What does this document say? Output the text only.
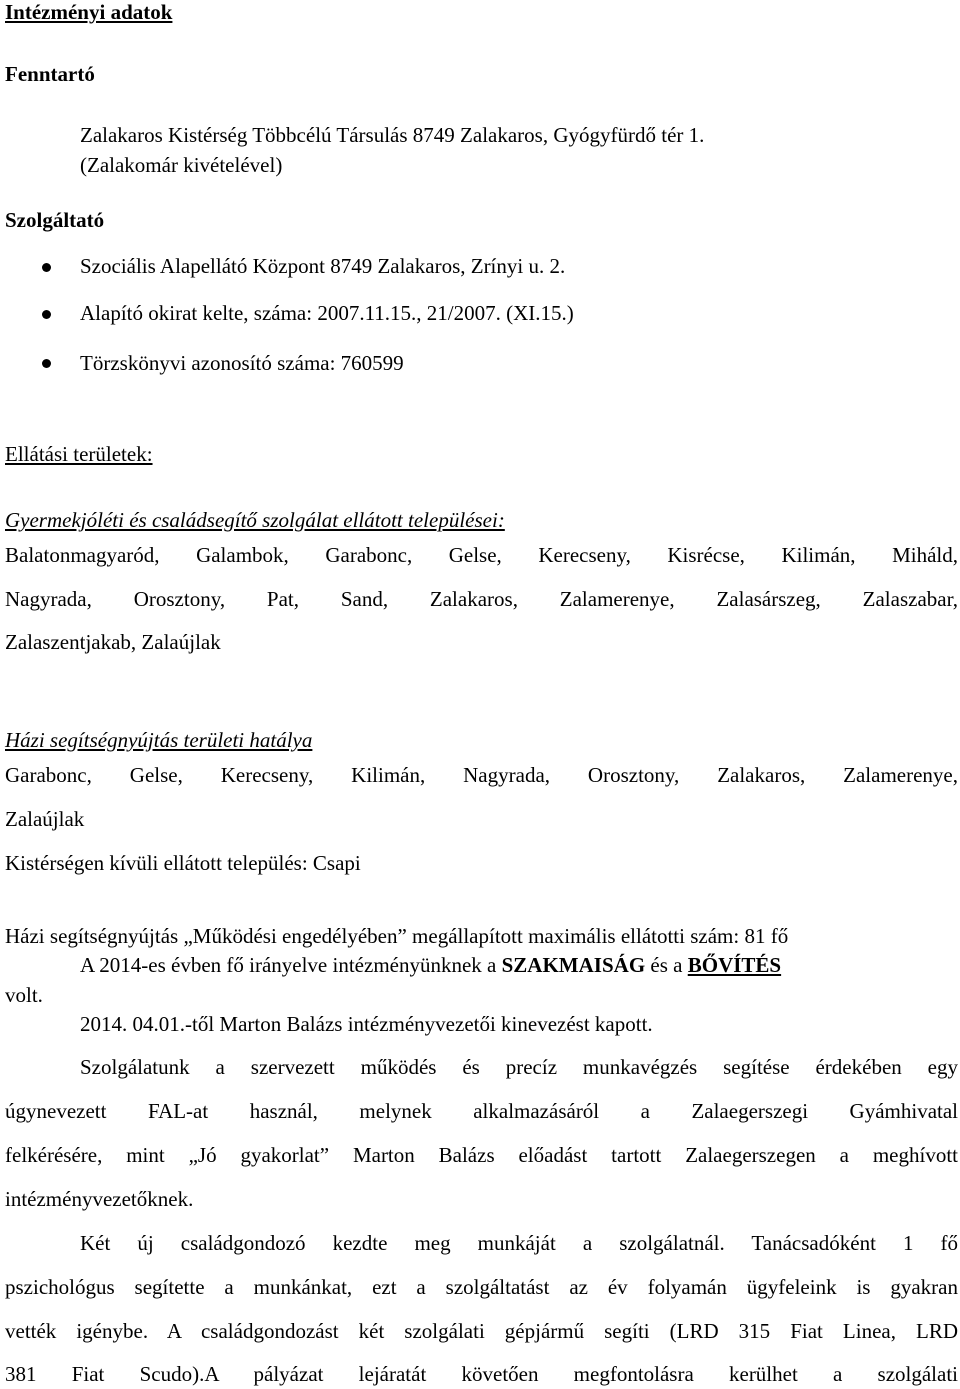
Intézményi adatok
Fenntartó
Zalakaros Kistérség Többcélú Társulás 8749 Zalakaros, Gyógyfürdő tér 1.
(Zalakomár kivételével)
Szolgáltató
Szociális Alapellátó Központ 8749 Zalakaros, Zrínyi u. 2.
Alapító okirat kelte, száma: 2007.11.15., 21/2007. (XI.15.)
Törzskönyvi azonosító száma: 760599
Ellátási területek:
Gyermekjóléti és családsegítő szolgálat ellátott települései:
Balatonmagyaród, Galambok, Garabonc, Gelse, Kerecseny, Kisrécse, Kilimán, Miháld,
Nagyrada, Orosztony, Pat, Sand, Zalakaros, Zalamerenye, Zalasárszeg, Zalaszabar,
Zalaszentjakab, Zalaújlak
Házi segítségnyújtás területi hatálya
Garabonc, Gelse, Kerecseny, Kilimán, Nagyrada, Orosztony, Zalakaros, Zalamerenye,
Zalaújlak
Kistérségen kívüli ellátott település: Csapi
Házi segítségnyújtás „Működési engedélyében” megállapított maximális ellátotti szám: 81 fő
A 2014-es évben fő irányelve intézményünknek a SZAKMAISÁG és a BŐVÍTÉS
volt.
2014. 04.01.-től Marton Balázs intézményvezetői kinevezést kapott.
Szolgálatunk a szervezett működés és precíz munkavégzés segítése érdekében egy
úgynevezett FAL-at használ, melynek alkalmazásáról a Zalaegerszegi Gyámhivatal
felkérésére, mint „Jó gyakorlat” Marton Balázs előadást tartott Zalaegerszegen a meghívott
intézményvezetőknek.
Két új családgondozó kezdte meg munkáját a szolgálatnál. Tanácsadóként 1 fő
pszichológus segítette a munkánkat, ezt a szolgáltatást az év folyamán ügyfeleink is gyakran
vették igénybe. A családgondozást két szolgálati gépjármű segíti (LRD 315 Fiat Linea, LRD
381 Fiat Scudo).A pályázat lejáratát követően megfontolásra kerülhet a szolgálati
